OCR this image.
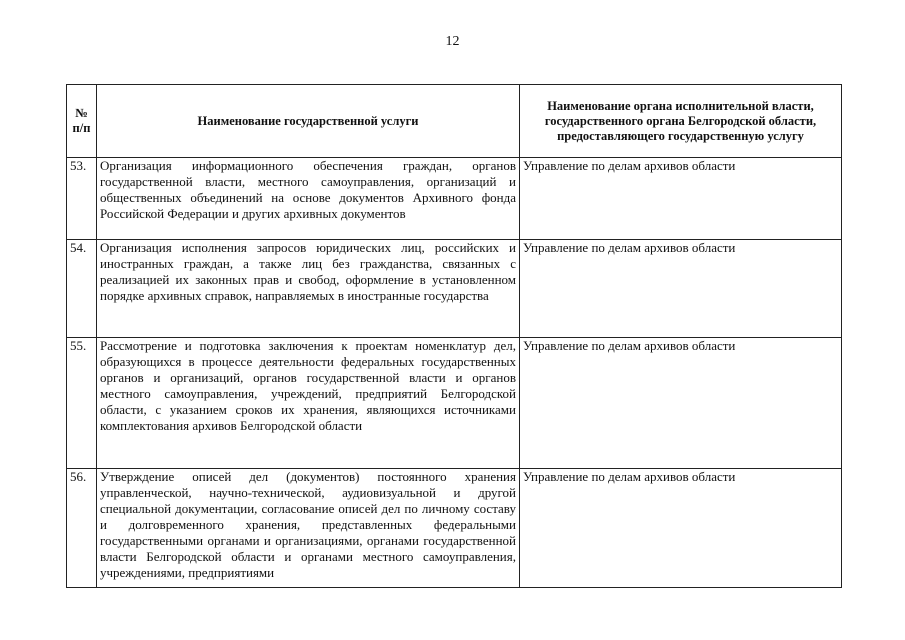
12
№ п/п	Наименование государственной услуги	Наименование органа исполнительной власти, государственного органа Белгородской области, предоставляющего государственную услугу
53.	Организация информационного обеспечения граждан, органов государственной власти, местного самоуправления, организаций и общественных объединений на основе документов Архивного фонда Российской Федерации и других архивных документов	Управление по делам архивов области
54.	Организация исполнения запросов юридических лиц, российских и иностранных граждан, а также лиц без гражданства, связанных с реализацией их законных прав и свобод, оформление в установленном порядке архивных справок, направляемых в иностранные государства	Управление по делам архивов области
55.	Рассмотрение и подготовка заключения к проектам номенклатур дел, образующихся в процессе деятельности федеральных государственных органов и организаций, органов государственной власти и органов местного самоуправления, учреждений, предприятий Белгородской области, с указанием сроков их хранения, являющихся источниками комплектования архивов Белгородской области	Управление по делам архивов области
56.	Утверждение описей дел (документов) постоянного хранения управленческой, научно-технической, аудиовизуальной и другой специальной документации, согласование описей дел по личному составу и долговременного хранения, представленных федеральными государственными органами и организациями, органами государственной власти Белгородской области и органами местного самоуправления, учреждениями, предприятиями	Управление по делам архивов области
